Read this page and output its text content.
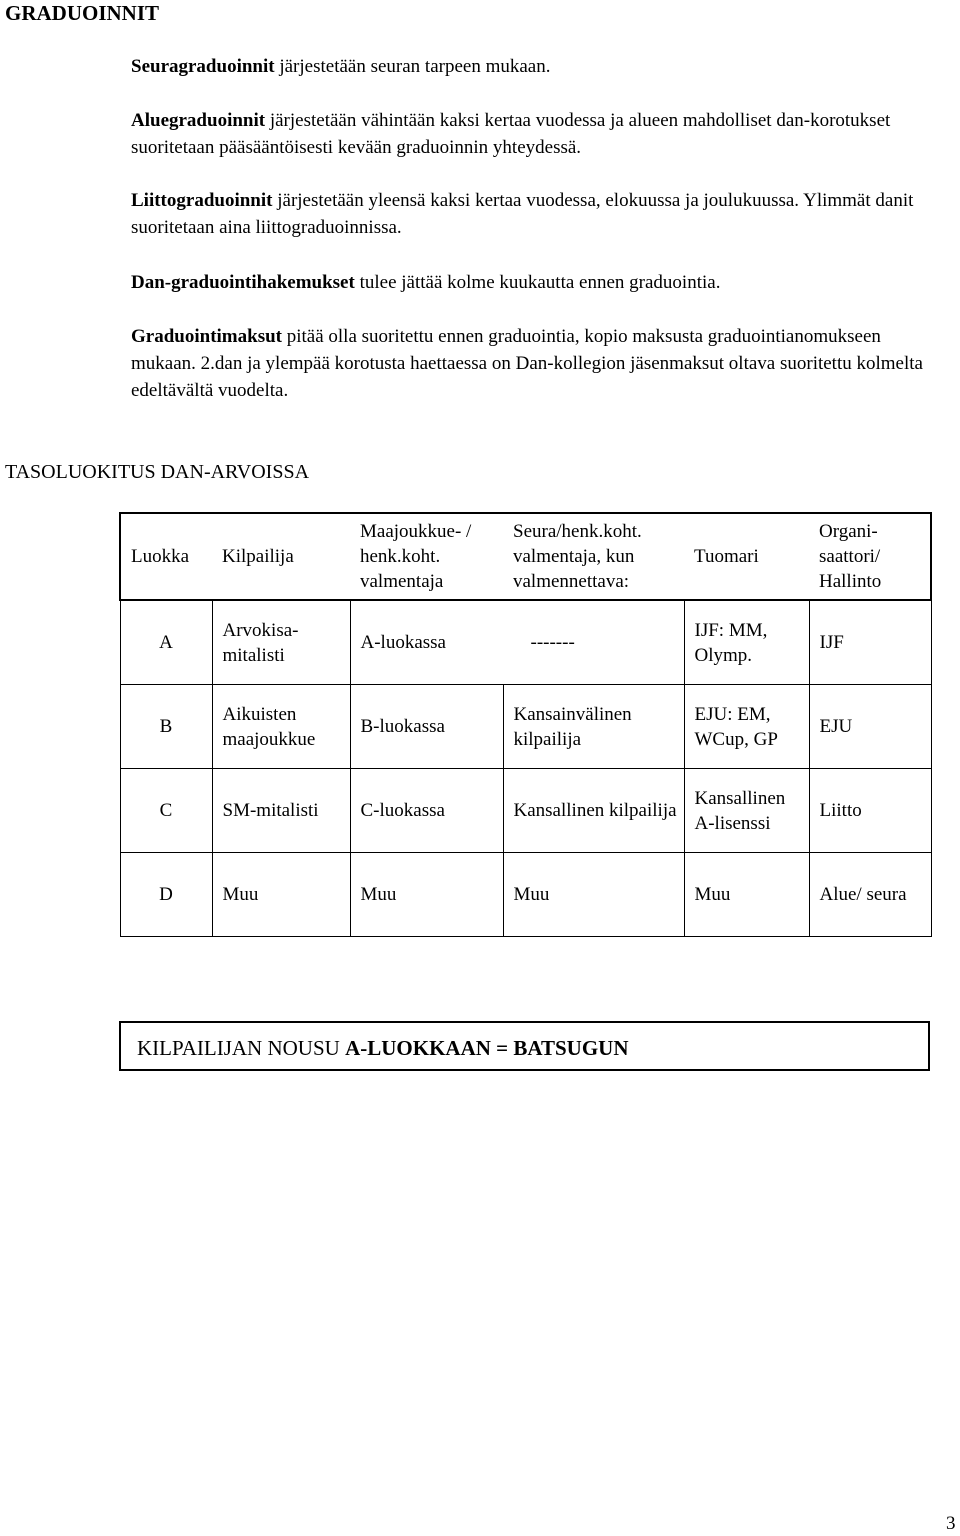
GRADUOINNIT
Seuragraduoinnit järjestetään seuran tarpeen mukaan.
Aluegraduoinnit järjestetään vähintään kaksi kertaa vuodessa ja alueen mahdolliset dan-korotukset suoritetaan pääsääntöisesti kevään graduoinnin yhteydessä.
Liittograduoinnit järjestetään yleensä kaksi kertaa vuodessa, elokuussa ja joulukuussa. Ylimmät danit suoritetaan aina liittograduoinnissa.
Dan-graduointihakemukset tulee jättää kolme kuukautta ennen graduointia.
Graduointimaksut pitää olla suoritettu ennen graduointia, kopio maksusta graduointianomukseen mukaan. 2.dan ja ylempää korotusta haettaessa on Dan-kollegion jäsenmaksut oltava suoritettu kolmelta edeltävältä vuodelta.
TASOLUOKITUS DAN-ARVOISSA
Luokka	Kilpailija	Maajoukkue- / henk.koht. valmentaja	Seura/henk.koht. valmentaja, kun valmennettava:	Tuomari	Organi-saattori/ Hallinto
A	Arvokisa-mitalisti	A-luokassa -------		IJF: MM, Olymp.	IJF
B	Aikuisten maajoukkue	B-luokassa	Kansainvälinen kilpailija	EJU: EM, WCup, GP	EJU
C	SM-mitalisti	C-luokassa	Kansallinen kilpailija	Kansallinen A-lisenssi	Liitto
D	Muu	Muu	Muu	Muu	Alue/ seura
KILPAILIJAN NOUSU A-LUOKKAAN = BATSUGUN
3
